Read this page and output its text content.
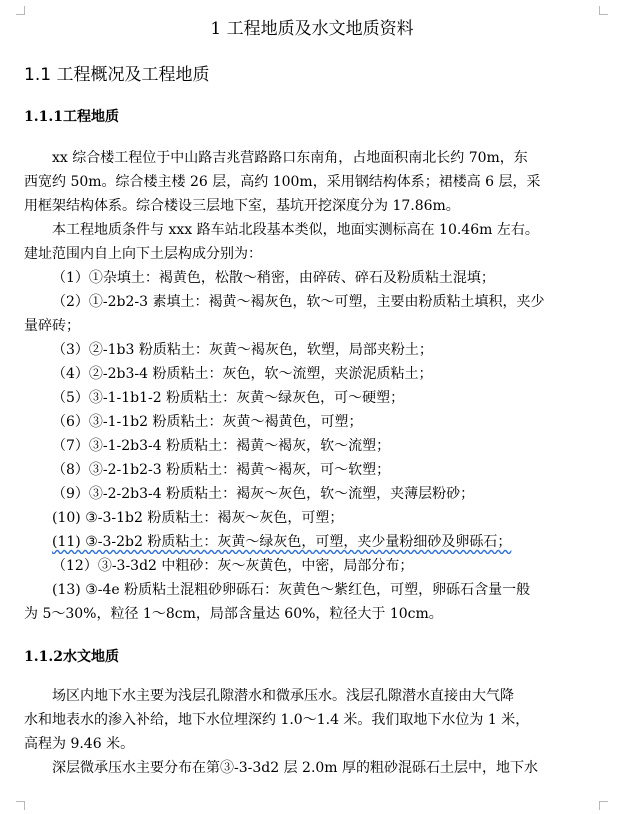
1 工程地质及水文地质资料
1.1 工程概况及工程地质
1.1.1工程地质
xx 综合楼工程位于中山路吉兆营路路口东南角，占地面积南北长约 70m，东
西宽约 50m。综合楼主楼 26 层，高约 100m，采用钢结构体系；裙楼高 6 层，采
用框架结构体系。综合楼设三层地下室，基坑开挖深度分为 17.86m。
本工程地质条件与 xxx 路车站北段基本类似，地面实测标高在 10.46m 左右。
建址范围内自上向下土层构成分别为：
（1）①杂填土：褐黄色，松散～稍密，由碎砖、碎石及粉质粘土混填；
（2）①-2b2-3 素填土：褐黄～褐灰色，软～可塑，主要由粉质粘土填积，夹少
量碎砖；
（3）②-1b3 粉质粘土：灰黄～褐灰色，软塑，局部夹粉土；
（4）②-2b3-4 粉质粘土：灰色，软～流塑，夹淤泥质粘土；
（5）③-1-1b1-2 粉质粘土：灰黄～绿灰色，可～硬塑；
（6）③-1-1b2 粉质粘土：灰黄～褐黄色，可塑；
（7）③-1-2b3-4 粉质粘土：褐黄～褐灰，软～流塑；
（8）③-2-1b2-3 粉质粘土：褐黄～褐灰，可～软塑；
（9）③-2-2b3-4 粉质粘土：褐灰～灰色，软～流塑，夹薄层粉砂；
(10) ③-3-1b2 粉质粘土：褐灰～灰色，可塑；
(11) ③-3-2b2 粉质粘土：灰黄～绿灰色，可塑，夹少量粉细砂及卵砾石；
（12）③-3-3d2 中粗砂：灰～灰黄色，中密，局部分布；
(13) ③-4e 粉质粘土混粗砂卵砾石：灰黄色～紫红色，可塑，卵砾石含量一般
为 5～30%，粒径 1～8cm，局部含量达 60%，粒径大于 10cm。
1.1.2水文地质
场区内地下水主要为浅层孔隙潜水和微承压水。浅层孔隙潜水直接由大气降
水和地表水的渗入补给，地下水位埋深约 1.0～1.4 米。我们取地下水位为 1 米，
高程为 9.46 米。
深层微承压水主要分布在第③-3-3d2 层 2.0m 厚的粗砂混砾石土层中，地下水
